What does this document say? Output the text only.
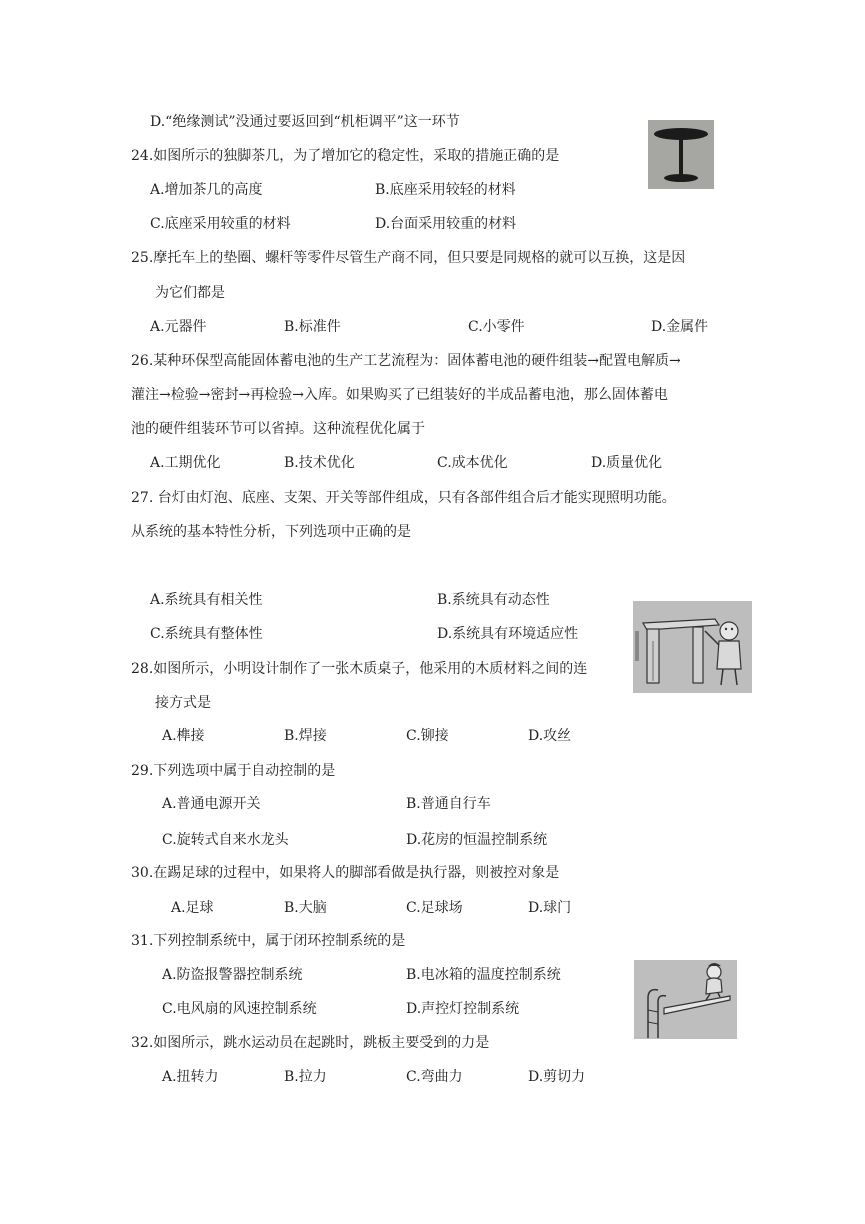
D.“绝缘测试”没通过要返回到“机柜调平”这一环节
24.如图所示的独脚茶几，为了增加它的稳定性，采取的措施正确的是
A.增加茶几的高度	B.底座采用较轻的材料
C.底座采用较重的材料	D.台面采用较重的材料
25.摩托车上的垫圈、螺杆等零件尽管生产商不同，但只要是同规格的就可以互换，这是因
为它们都是
A.元器件	B.标准件	C.小零件	D.金属件
26.某种环保型高能固体蓄电池的生产工艺流程为：固体蓄电池的硬件组装→配置电解质→
灌注→检验→密封→再检验→入库。如果购买了已组装好的半成品蓄电池，那么固体蓄电
池的硬件组装环节可以省掉。这种流程优化属于
A.工期优化	B.技术优化	C.成本优化	D.质量优化
27. 台灯由灯泡、底座、支架、开关等部件组成，只有各部件组合后才能实现照明功能。
从系统的基本特性分析，下列选项中正确的是
A.系统具有相关性	B.系统具有动态性
C.系统具有整体性	D.系统具有环境适应性
28.如图所示，小明设计制作了一张木质桌子，他采用的木质材料之间的连
接方式是
A.榫接	B.焊接	C.铆接	D.攻丝
29.下列选项中属于自动控制的是
A.普通电源开关	B.普通自行车
C.旋转式自来水龙头	D.花房的恒温控制系统
30.在踢足球的过程中，如果将人的脚部看做是执行器，则被控对象是
A.足球	B.大脑	C.足球场	D.球门
31.下列控制系统中，属于闭环控制系统的是
A.防盗报警器控制系统	B.电冰箱的温度控制系统
C.电风扇的风速控制系统	D.声控灯控制系统
32.如图所示，跳水运动员在起跳时，跳板主要受到的力是
A.扭转力	B.拉力	C.弯曲力	D.剪切力
